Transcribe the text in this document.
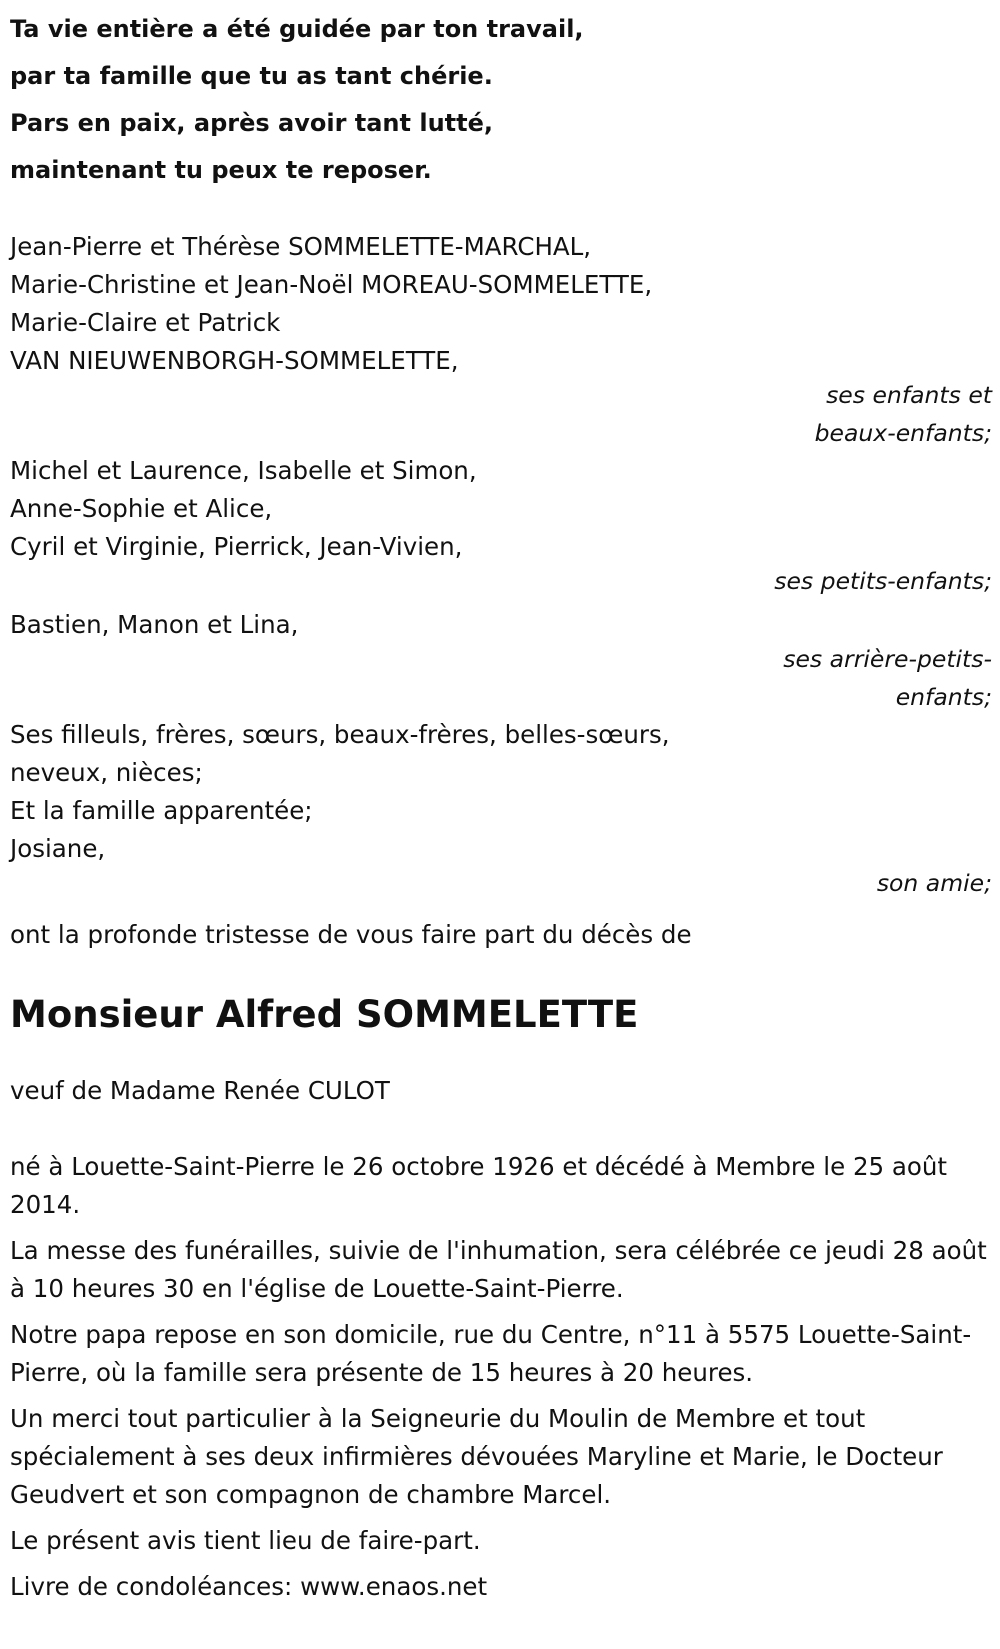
Ta vie entière a été guidée par ton travail,
par ta famille que tu as tant chérie.
Pars en paix, après avoir tant lutté,
maintenant tu peux te reposer.
Jean-Pierre et Thérèse SOMMELETTE-MARCHAL,
Marie-Christine et Jean-Noël MOREAU-SOMMELETTE,
Marie-Claire et Patrick
VAN NIEUWENBORGH-SOMMELETTE,
ses enfants et
beaux-enfants;
Michel et Laurence, Isabelle et Simon,
Anne-Sophie et Alice,
Cyril et Virginie, Pierrick, Jean-Vivien,
ses petits-enfants;
Bastien, Manon et Lina,
ses arrière-petits-
enfants;
Ses filleuls, frères, sœurs, beaux-frères, belles-sœurs,
neveux, nièces;
Et la famille apparentée;
Josiane,
son amie;
ont la profonde tristesse de vous faire part du décès de
Monsieur Alfred SOMMELETTE
veuf de Madame Renée CULOT
né à Louette-Saint-Pierre le 26 octobre 1926 et décédé à Membre le 25 août 2014.
La messe des funérailles, suivie de l'inhumation, sera célébrée ce jeudi 28 août à 10 heures 30 en l'église de Louette-Saint-Pierre.
Notre papa repose en son domicile, rue du Centre, n°11 à 5575 Louette-Saint-Pierre, où la famille sera présente de 15 heures à 20 heures.
Un merci tout particulier à la Seigneurie du Moulin de Membre et tout spécialement à ses deux infirmières dévouées Maryline et Marie, le Docteur Geudvert et son compagnon de chambre Marcel.
Le présent avis tient lieu de faire-part.
Livre de condoléances: www.enaos.net
